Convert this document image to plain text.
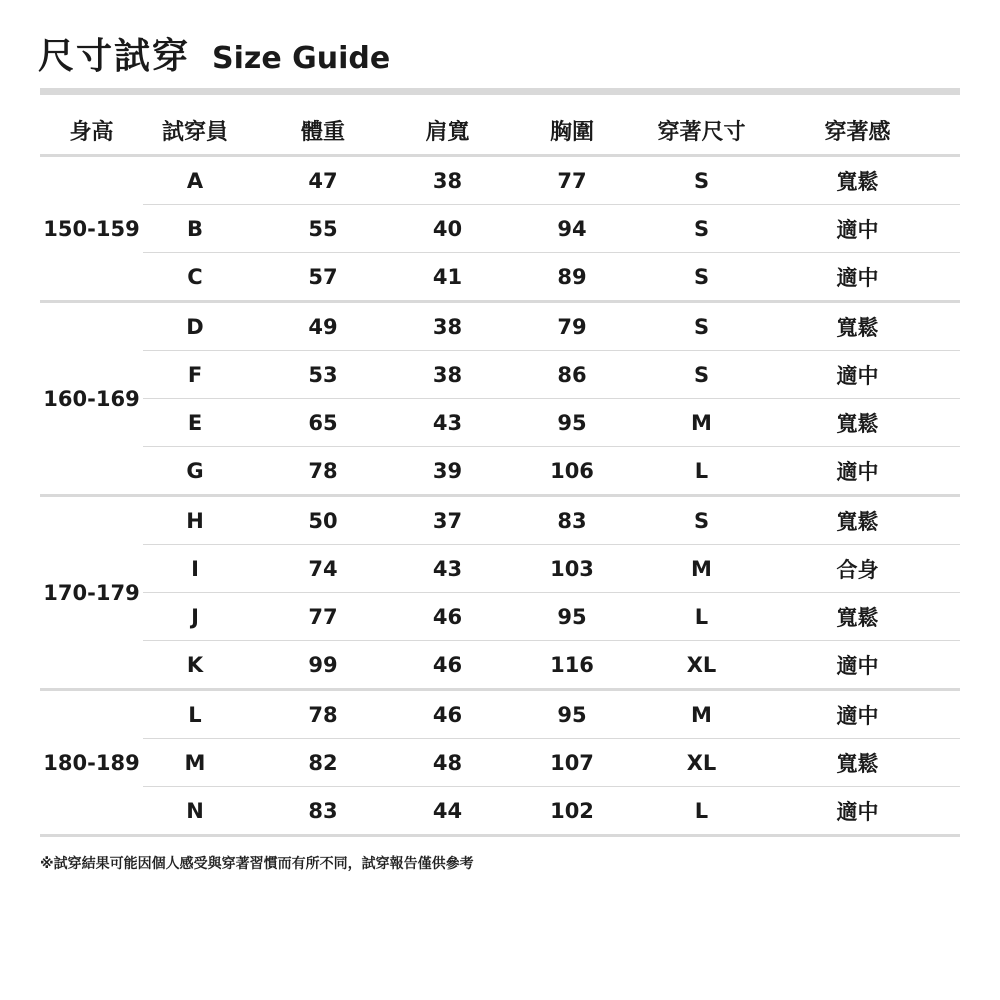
尺寸試穿 Size Guide
身高	試穿員	體重	肩寬	胸圍	穿著尺寸	穿著感
150-159	A	47	38	77	S	寬鬆
	B	55	40	94	S	適中
	C	57	41	89	S	適中
160-169	D	49	38	79	S	寬鬆
	F	53	38	86	S	適中
	E	65	43	95	M	寬鬆
	G	78	39	106	L	適中
170-179	H	50	37	83	S	寬鬆
	I	74	43	103	M	合身
	J	77	46	95	L	寬鬆
	K	99	46	116	XL	適中
180-189	L	78	46	95	M	適中
	M	82	48	107	XL	寬鬆
	N	83	44	102	L	適中
※試穿結果可能因個人感受與穿著習慣而有所不同，試穿報告僅供參考
